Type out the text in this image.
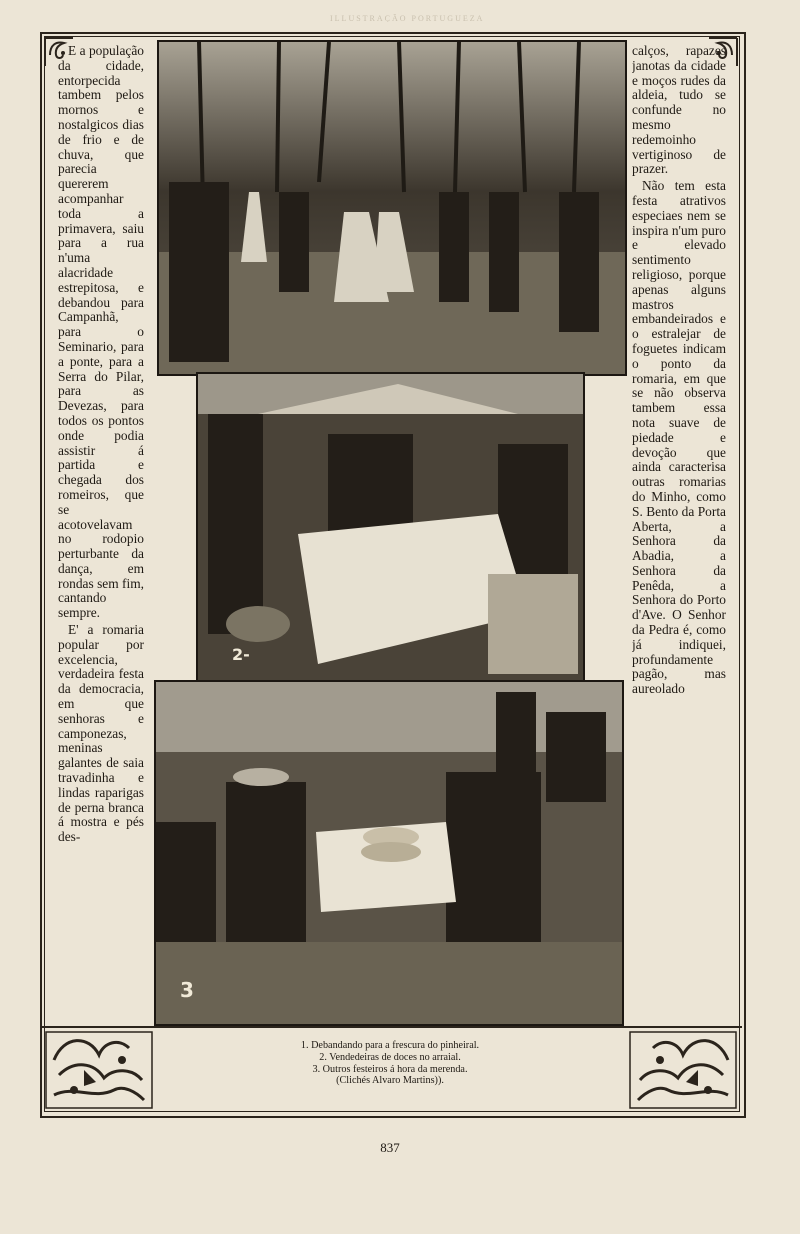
ILLUSTRAÇÃO PORTUGUEZA

E a população da cidade, entorpecida tambem pelos mornos e nostalgicos dias de frio e de chuva, que parecia quererem acompanhar toda a primavera, saiu para a rua n'uma alacridade estrepitosa, e debandou para Campanhã, para o Seminario, para a ponte, para a Serra do Pilar, para as Devezas, para todos os pontos onde podia assistir á partida e chegada dos romeiros, que se acotovelavam no rodopio perturbante da dança, em rondas sem fim, cantando sempre.

E' a romaria popular por excelencia, verdadeira festa da democracia, em que senhoras e camponezas, meninas galantes de saia travadinha e lindas raparigas de perna branca á mostra e pés des-

calços, rapazes janotas da cidade e moços rudes da aldeia, tudo se confunde no mesmo redemoinho vertiginoso de prazer.

Não tem esta festa atrativos especiaes nem se inspira n'um puro e elevado sentimento religioso, porque apenas alguns mastros embandeirados e o estralejar de foguetes indicam o ponto da romaria, em que se não observa tambem essa nota suave de piedade e devoção que ainda caracterisa outras romarias do Minho, como S. Bento da Porta Aberta, a Senhora da Abadia, a Senhora da Penêda, a Senhora do Porto d'Ave. O Senhor da Pedra é, como já indiquei, profundamente pagão, mas aureolado

2-
3
1. Debandando para a frescura do pinheiral.
2. Vendedeiras de doces no arraial.
3. Outros festeiros á hora da merenda.
(Clichés Alvaro Martins)).
837
